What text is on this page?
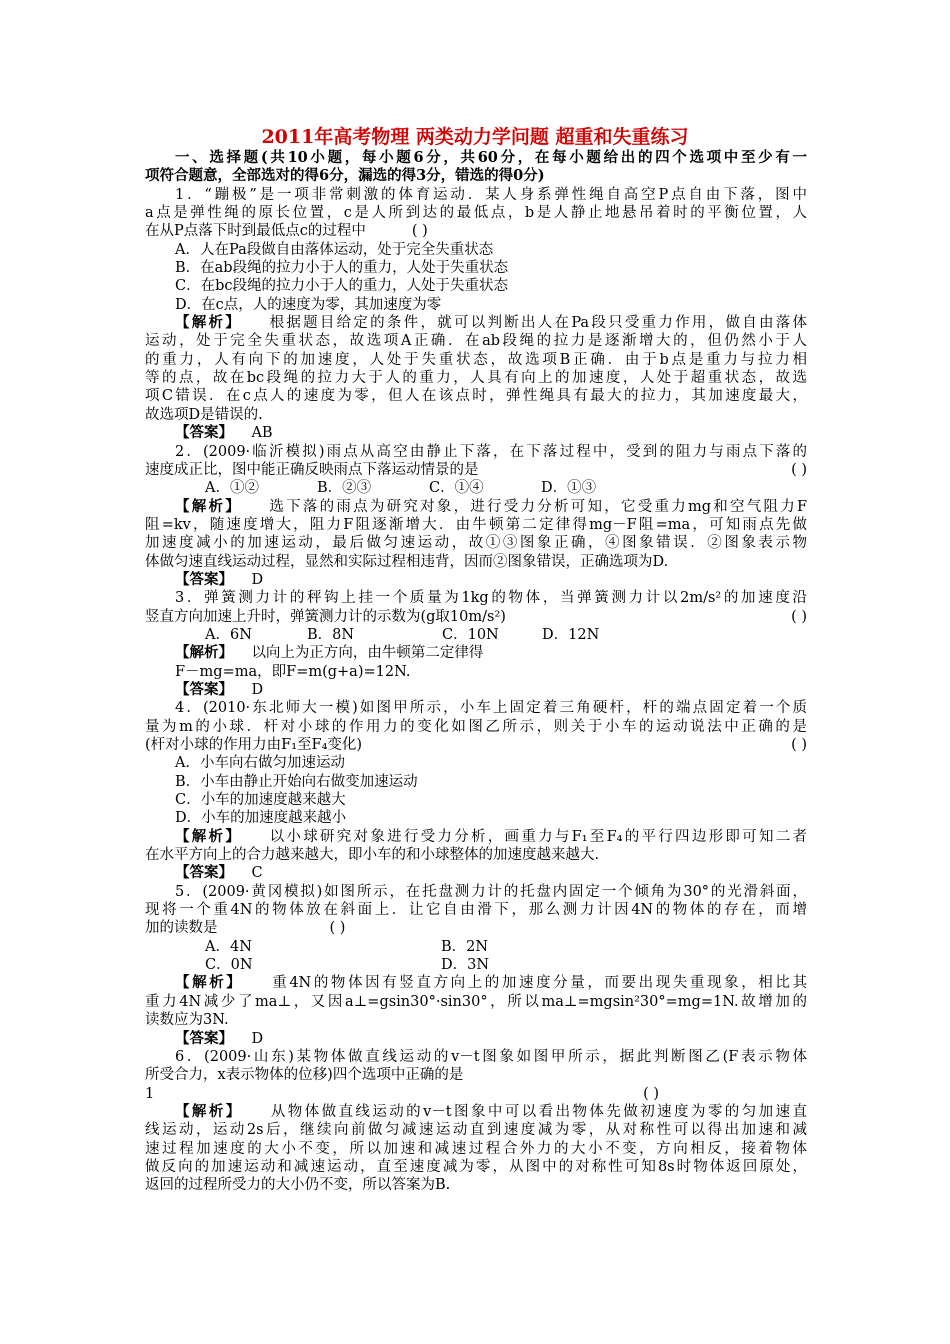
2011年高考物理 两类动力学问题 超重和失重练习

一、选择题(共10小题，每小题6分，共60分，在每小题给出的四个选项中至少有一

项符合题意，全部选对的得6分，漏选的得3分，错选的得0分)

1．“蹦极”是一项非常刺激的体育运动．某人身系弹性绳自高空P点自由下落，图中

a点是弹性绳的原长位置，c是人所到达的最低点，b是人静止地悬吊着时的平衡位置，人

在从P点落下时到最低点c的过程中	( )

A．人在Pa段做自由落体运动，处于完全失重状态

B．在ab段绳的拉力小于人的重力，人处于失重状态

C．在bc段绳的拉力小于人的重力，人处于失重状态

D．在c点，人的速度为零，其加速度为零

【解析】 根据题目给定的条件，就可以判断出人在Pa段只受重力作用，做自由落体

运动，处于完全失重状态，故选项A正确．在ab段绳的拉力是逐渐增大的，但仍然小于人

的重力，人有向下的加速度，人处于失重状态，故选项B正确．由于b点是重力与拉力相

等的点，故在bc段绳的拉力大于人的重力，人具有向上的加速度，人处于超重状态，故选

项C错误．在c点人的速度为零，但人在该点时，弹性绳具有最大的拉力，其加速度最大，

故选项D是错误的.

【答案】 AB

2．(2009·临沂模拟)雨点从高空由静止下落，在下落过程中，受到的阻力与雨点下落的

速度成正比，图中能正确反映雨点下落运动情景的是	( )

A．①②	B．②③	C．①④	D．①③

【解析】 选下落的雨点为研究对象，进行受力分析可知，它受重力mg和空气阻力F

阻=kv，随速度增大，阻力F阻逐渐增大．由牛顿第二定律得mg－F阻=ma，可知雨点先做

加速度减小的加速运动，最后做匀速运动，故①③图象正确，④图象错误．②图象表示物

体做匀速直线运动过程，显然和实际过程相违背，因而②图象错误，正确选项为D.

【答案】 D

3．弹簧测力计的秤钩上挂一个质量为1kg的物体，当弹簧测力计以2m/s²的加速度沿

竖直方向加速上升时，弹簧测力计的示数为(g取10m/s²)	( )

A．6N	B．8N	C．10N	D．12N

【解析】 以向上为正方向，由牛顿第二定律得

F－mg=ma，即F=m(g+a)=12N.

【答案】 D

4．(2010·东北师大一模)如图甲所示，小车上固定着三角硬杆，杆的端点固定着一个质

量为m的小球．杆对小球的作用力的变化如图乙所示，则关于小车的运动说法中正确的是

(杆对小球的作用力由F₁至F₄变化)	( )

A．小车向右做匀加速运动

B．小车由静止开始向右做变加速运动

C．小车的加速度越来越大

D．小车的加速度越来越小

【解析】 以小球研究对象进行受力分析，画重力与F₁至F₄的平行四边形即可知二者

在水平方向上的合力越来越大，即小车的和小球整体的加速度越来越大.

【答案】 C

5．(2009·黄冈模拟)如图所示，在托盘测力计的托盘内固定一个倾角为30°的光滑斜面，

现将一个重4N的物体放在斜面上．让它自由滑下，那么测力计因4N的物体的存在，而增

加的读数是	( )

A．4N	B．2N

C．0N	D．3N

【解析】 重4N的物体因有竖直方向上的加速度分量，而要出现失重现象，相比其

重力4N减少了ma⊥，又因a⊥=gsin30°·sin30°，所以ma⊥=mgsin²30°=mg=1N.故增加的

读数应为3N.

【答案】 D

6．(2009·山东)某物体做直线运动的v－t图象如图甲所示，据此判断图乙(F表示物体

所受合力，x表示物体的位移)四个选项中正确的是

1	( )

【解析】 从物体做直线运动的v－t图象中可以看出物体先做初速度为零的匀加速直

线运动，运动2s后，继续向前做匀减速运动直到速度减为零，从对称性可以得出加速和减

速过程加速度的大小不变，所以加速和减速过程合外力的大小不变，方向相反，接着物体

做反向的加速运动和减速运动，直至速度减为零，从图中的对称性可知8s时物体返回原处，

返回的过程所受力的大小仍不变，所以答案为B.
